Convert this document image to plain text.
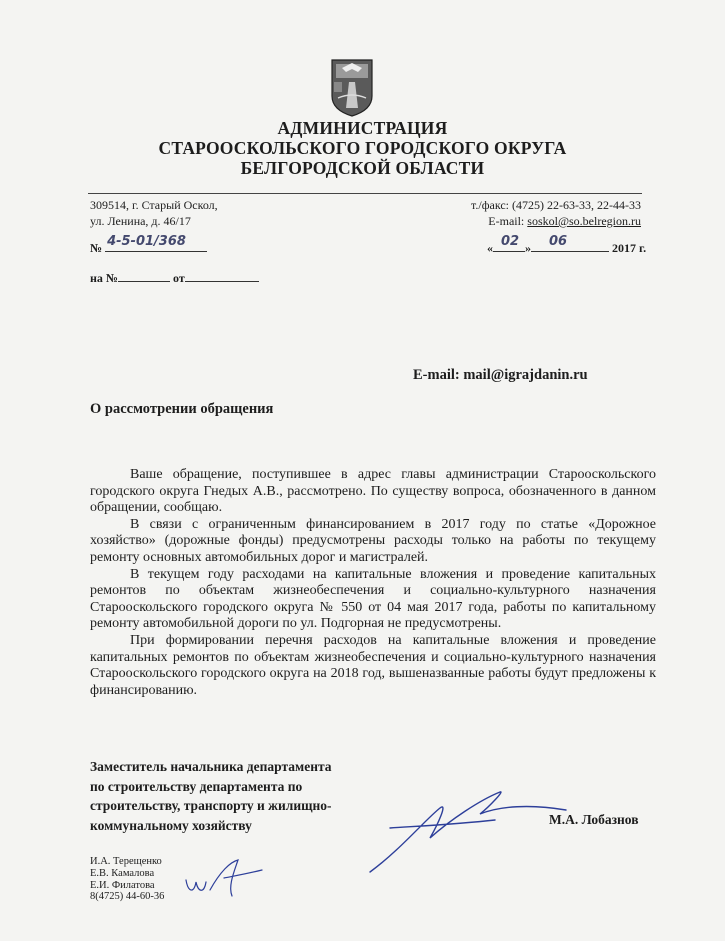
АДМИНИСТРАЦИЯ
СТАРООСКОЛЬСКОГО ГОРОДСКОГО ОКРУГА
БЕЛГОРОДСКОЙ ОБЛАСТИ
309514, г. Старый Оскол,
ул. Ленина, д. 46/17
т./факс: (4725) 22-63-33, 22-44-33
E-mail: soskol@so.belregion.ru
№ 4-5-01/368	« 02 » 06	2017 г.
на №	от
E-mail: mail@igrajdanin.ru
О рассмотрении обращения

Ваше обращение, поступившее в адрес главы администрации Старооскольского городского округа Гнедых А.В., рассмотрено. По существу вопроса, обозначенного в данном обращении, сообщаю.

В связи с ограниченным финансированием в 2017 году по статье «Дорожное хозяйство» (дорожные фонды) предусмотрены расходы только на работы по текущему ремонту основных автомобильных дорог и магистралей.

В текущем году расходами на капитальные вложения и проведение капитальных ремонтов по объектам жизнеобеспечения и социально-культурного назначения Старооскольского городского округа № 550 от 04 мая 2017 года, работы по капитальному ремонту автомобильной дороги по ул. Подгорная не предусмотрены.

При формировании перечня расходов на капитальные вложения и проведение капитальных ремонтов по объектам жизнеобеспечения и социально-культурного назначения Старооскольского городского округа на 2018 год, вышеназванные работы будут предложены к финансированию.

Заместитель начальника департамента
по строительству департамента по
строительству, транспорту и жилищно-
коммунальному хозяйству	М.А. Лобазнов
И.А. Терещенко
Е.В. Камалова
Е.И. Филатова
8(4725) 44-60-36
